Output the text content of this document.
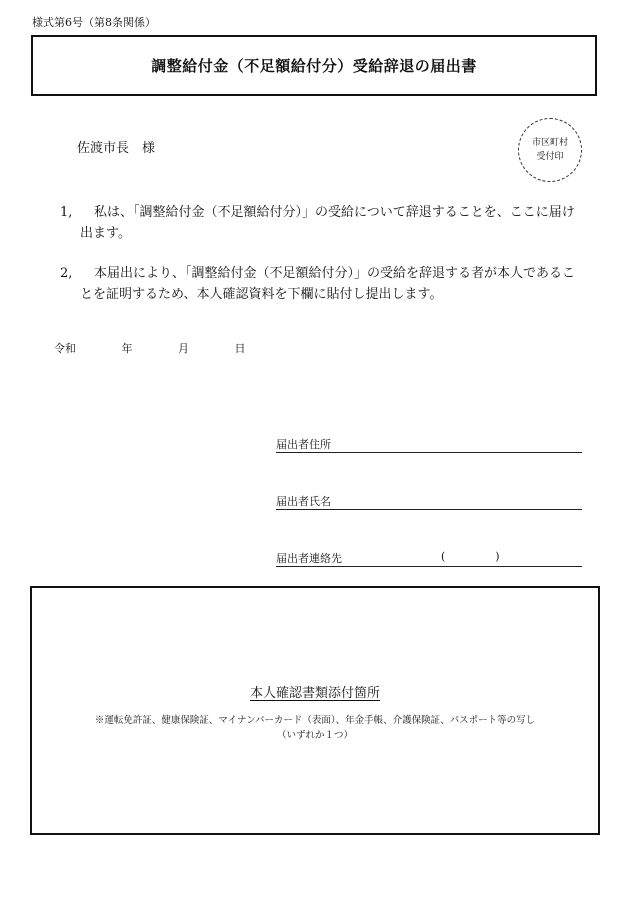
様式第6号（第8条関係）
調整給付金（不足額給付分）受給辞退の届出書
佐渡市長　様	市区町村
受付印
1,	私は、「調整給付金（不足額給付分）」の受給について辞退することを、ここに届け出ます。
2,	本届出により、「調整給付金（不足額給付分）」の受給を辞退する者が本人であることを証明するため、本人確認資料を下欄に貼付し提出します。
令和	年	月	日
届出者住所
届出者氏名
届出者連絡先	(	)
本人確認書類添付箇所
※運転免許証、健康保険証、マイナンバーカード（表面）、年金手帳、介護保険証、パスポート等の写し
（いずれか１つ）
